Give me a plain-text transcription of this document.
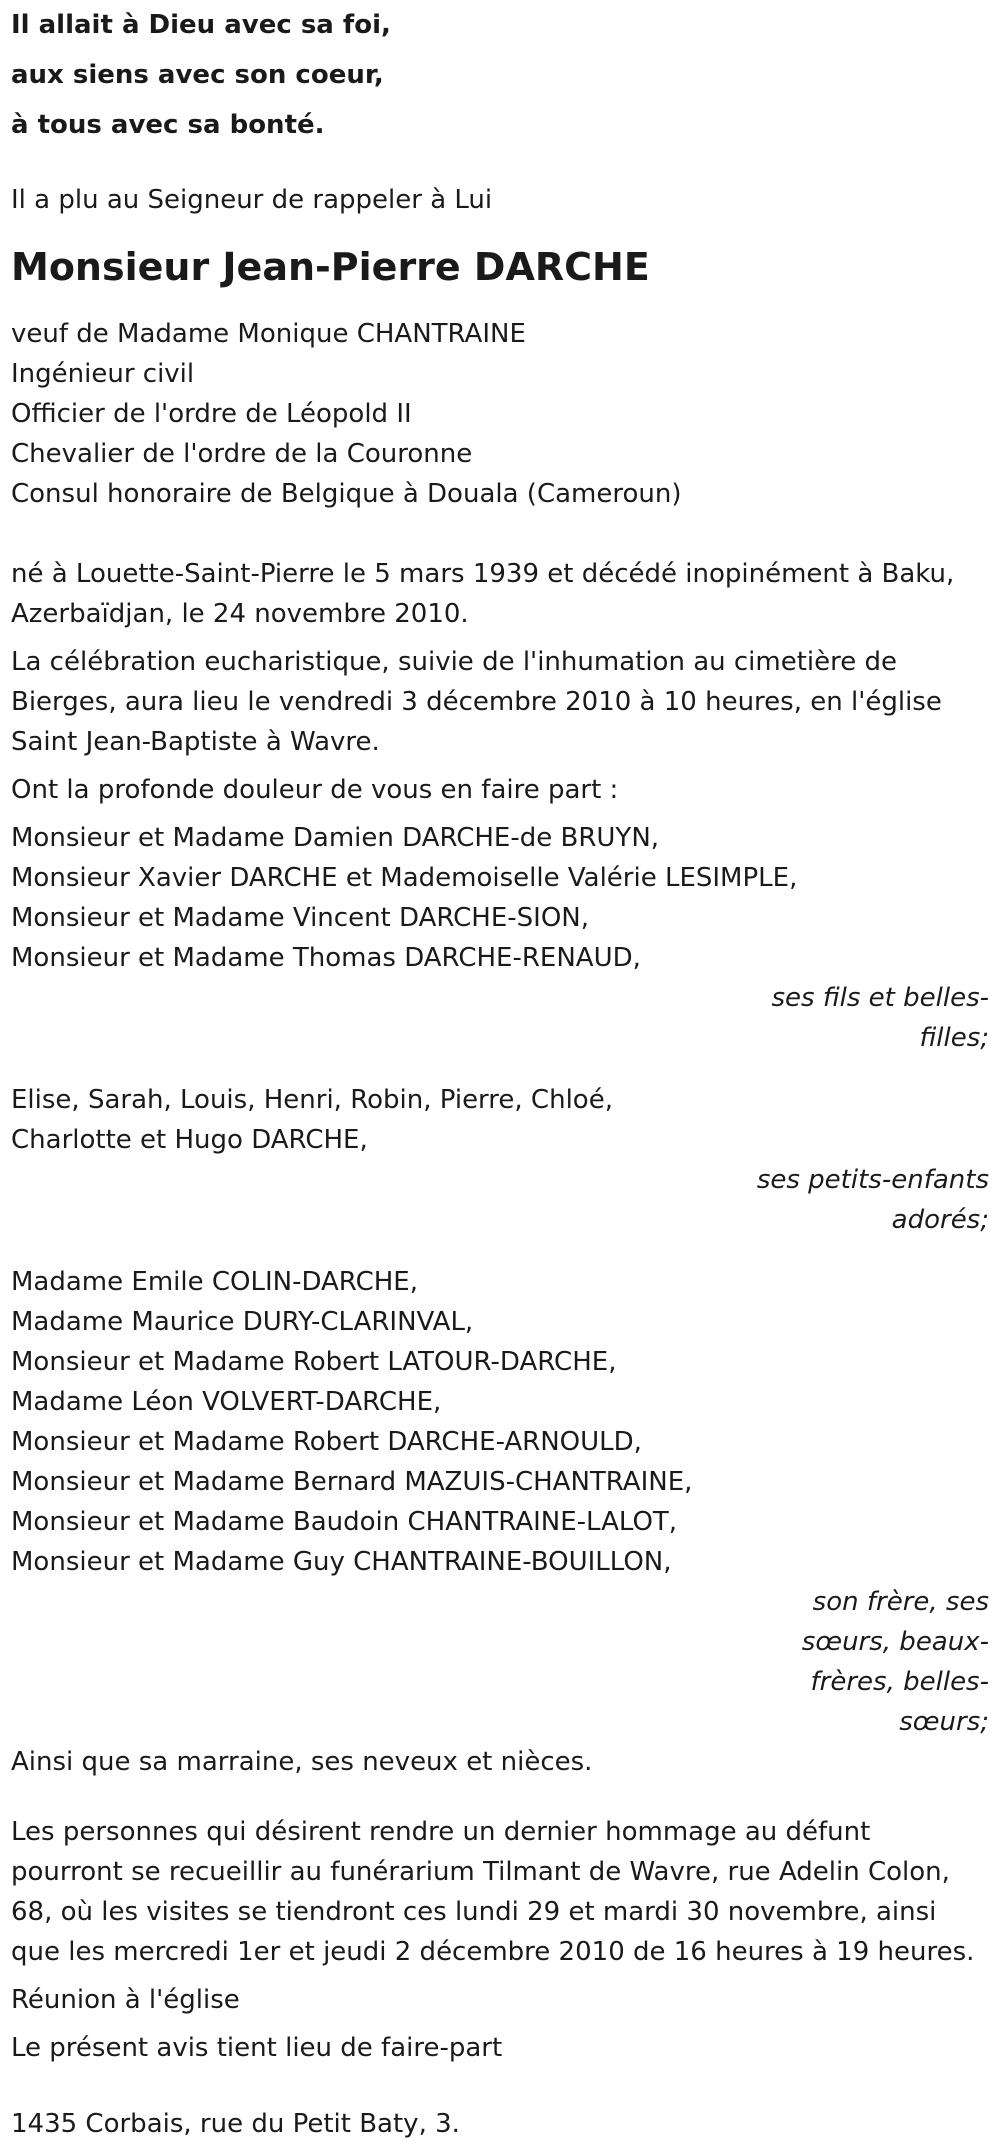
Il allait à Dieu avec sa foi,
aux siens avec son coeur,
à tous avec sa bonté.
Il a plu au Seigneur de rappeler à Lui
Monsieur Jean-Pierre DARCHE
veuf de Madame Monique CHANTRAINE
Ingénieur civil
Officier de l'ordre de Léopold II
Chevalier de l'ordre de la Couronne
Consul honoraire de Belgique à Douala (Cameroun)
né à Louette-Saint-Pierre le 5 mars 1939 et décédé inopinément à Baku,
Azerbaïdjan, le 24 novembre 2010.
La célébration eucharistique, suivie de l'inhumation au cimetière de
Bierges, aura lieu le vendredi 3 décembre 2010 à 10 heures, en l'église
Saint Jean-Baptiste à Wavre.
Ont la profonde douleur de vous en faire part :
Monsieur et Madame Damien DARCHE-de BRUYN,
Monsieur Xavier DARCHE et Mademoiselle Valérie LESIMPLE,
Monsieur et Madame Vincent DARCHE-SION,
Monsieur et Madame Thomas DARCHE-RENAUD,
ses fils et belles-
filles;
Elise, Sarah, Louis, Henri, Robin, Pierre, Chloé,
Charlotte et Hugo DARCHE,
ses petits-enfants
adorés;
Madame Emile COLIN-DARCHE,
Madame Maurice DURY-CLARINVAL,
Monsieur et Madame Robert LATOUR-DARCHE,
Madame Léon VOLVERT-DARCHE,
Monsieur et Madame Robert DARCHE-ARNOULD,
Monsieur et Madame Bernard MAZUIS-CHANTRAINE,
Monsieur et Madame Baudoin CHANTRAINE-LALOT,
Monsieur et Madame Guy CHANTRAINE-BOUILLON,
son frère, ses
sœurs, beaux-
frères, belles-
sœurs;
Ainsi que sa marraine, ses neveux et nièces.
Les personnes qui désirent rendre un dernier hommage au défunt
pourront se recueillir au funérarium Tilmant de Wavre, rue Adelin Colon,
68, où les visites se tiendront ces lundi 29 et mardi 30 novembre, ainsi
que les mercredi 1er et jeudi 2 décembre 2010 de 16 heures à 19 heures.
Réunion à l'église
Le présent avis tient lieu de faire-part
1435 Corbais, rue du Petit Baty, 3.
